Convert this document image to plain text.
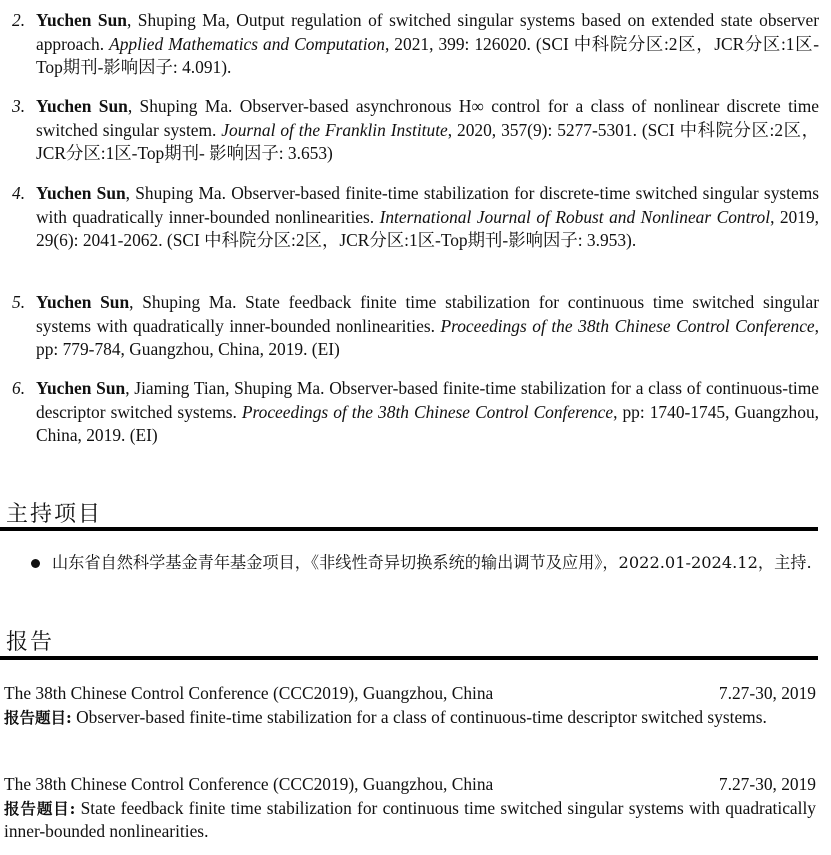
2. Yuchen Sun, Shuping Ma, Output regulation of switched singular systems based on extended state observer approach. Applied Mathematics and Computation, 2021, 399: 126020. (SCI 中科院分区:2区，JCR分区:1区-Top期刊-影响因子: 4.091).
3. Yuchen Sun, Shuping Ma. Observer-based asynchronous H∞ control for a class of nonlinear discrete time switched singular system. Journal of the Franklin Institute, 2020, 357(9): 5277-5301. (SCI 中科院分区:2区，JCR分区:1区-Top期刊- 影响因子: 3.653)
4. Yuchen Sun, Shuping Ma. Observer-based finite-time stabilization for discrete-time switched singular systems with quadratically inner-bounded nonlinearities. International Journal of Robust and Nonlinear Control, 2019, 29(6): 2041-2062. (SCI 中科院分区:2区，JCR分区:1区-Top期刊-影响因子: 3.953).
5. Yuchen Sun, Shuping Ma. State feedback finite time stabilization for continuous time switched singular systems with quadratically inner-bounded nonlinearities. Proceedings of the 38th Chinese Control Conference, pp: 779-784, Guangzhou, China, 2019. (EI)
6. Yuchen Sun, Jiaming Tian, Shuping Ma. Observer-based finite-time stabilization for a class of continuous-time descriptor switched systems. Proceedings of the 38th Chinese Control Conference, pp: 1740-1745, Guangzhou, China, 2019. (EI)
主持项目
山东省自然科学基金青年基金项目，《非线性奇异切换系统的输出调节及应用》，2022.01-2024.12，主持.
报告
The 38th Chinese Control Conference (CCC2019), Guangzhou, China	7.27-30, 2019
报告题目: Observer-based finite-time stabilization for a class of continuous-time descriptor switched systems.
The 38th Chinese Control Conference (CCC2019), Guangzhou, China	7.27-30, 2019
报告题目: State feedback finite time stabilization for continuous time switched singular systems with quadratically inner-bounded nonlinearities.
